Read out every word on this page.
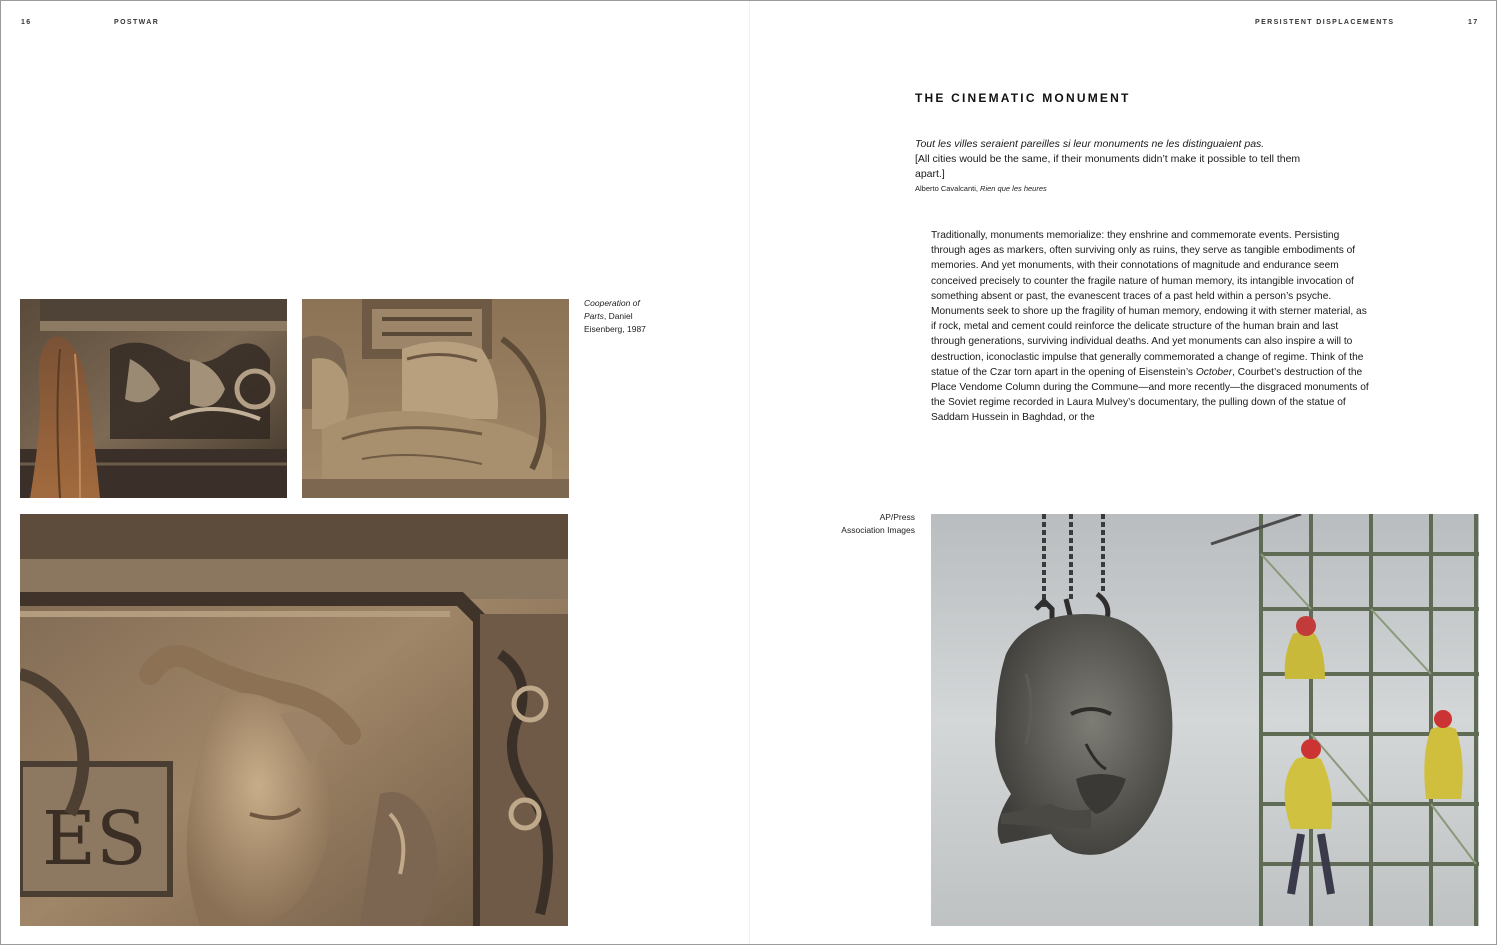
16	POSTWAR	PERSISTENT DISPLACEMENTS	17
Cooperation of Parts, Daniel Eisenberg, 1987
ES
THE CINEMATIC MONUMENT
Tout les villes seraient pareilles si leur monuments ne les distinguaient pas.
[All cities would be the same, if their monuments didn’t make it possible to tell them apart.]
Alberto Cavalcanti, Rien que les heures
Traditionally, monuments memorialize: they enshrine and commemorate events. Persisting through ages as markers, often surviving only as ruins, they serve as tangible embodiments of memories. And yet monuments, with their connotations of magnitude and endurance seem conceived precisely to counter the fragile nature of human memory, its intangible invocation of something absent or past, the evanescent traces of a past held within a person’s psyche. Monuments seek to shore up the fragility of human memory, endowing it with sterner material, as if rock, metal and cement could reinforce the delicate structure of the human brain and last through generations, surviving individual deaths. And yet monuments can also inspire a will to destruction, iconoclastic impulse that generally commemorated a change of regime. Think of the statue of the Czar torn apart in the opening of Eisenstein’s October, Courbet’s destruction of the Place Vendome Column during the Commune—and more recently—the disgraced monuments of the Soviet regime recorded in Laura Mulvey’s documentary, the pulling down of the statue of Saddam Hussein in Baghdad, or the
AP/Press Association Images
